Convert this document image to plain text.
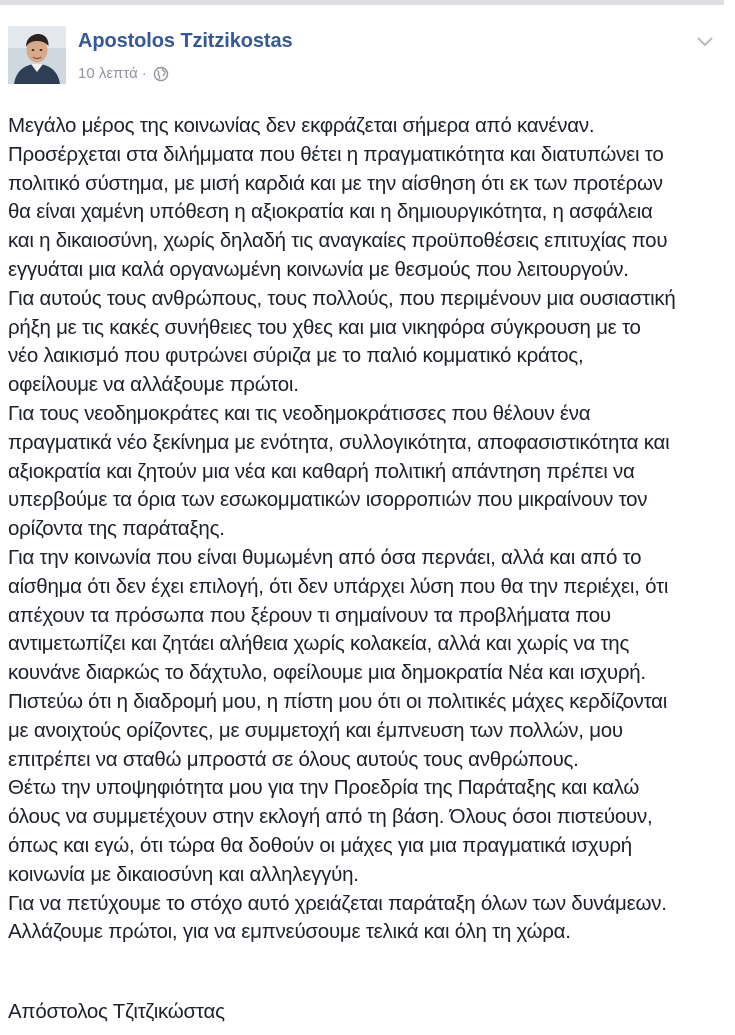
Apostolos Tzitzikostas
10 λεπτά ·
Μεγάλο μέρος της κοινωνίας δεν εκφράζεται σήμερα από κανέναν.
Προσέρχεται στα διλήμματα που θέτει η πραγματικότητα και διατυπώνει το
πολιτικό σύστημα, με μισή καρδιά και με την αίσθηση ότι εκ των προτέρων
θα είναι χαμένη υπόθεση η αξιοκρατία και η δημιουργικότητα, η ασφάλεια
και η δικαιοσύνη, χωρίς δηλαδή τις αναγκαίες προϋποθέσεις επιτυχίας που
εγγυάται μια καλά οργανωμένη κοινωνία με θεσμούς που λειτουργούν.
Για αυτούς τους ανθρώπους, τους πολλούς, που περιμένουν μια ουσιαστική
ρήξη με τις κακές συνήθειες του χθες και μια νικηφόρα σύγκρουση με το
νέο λαικισμό που φυτρώνει σύριζα με το παλιό κομματικό κράτος,
οφείλουμε να αλλάξουμε πρώτοι.
Για τους νεοδημοκράτες και τις νεοδημοκράτισσες που θέλουν ένα
πραγματικά νέο ξεκίνημα με ενότητα, συλλογικότητα, αποφασιστικότητα και
αξιοκρατία και ζητούν μια νέα και καθαρή πολιτική απάντηση πρέπει να
υπερβούμε τα όρια των εσωκομματικών ισορροπιών που μικραίνουν τον
ορίζοντα της παράταξης.
Για την κοινωνία που είναι θυμωμένη από όσα περνάει, αλλά και από το
αίσθημα ότι δεν έχει επιλογή, ότι δεν υπάρχει λύση που θα την περιέχει, ότι
απέχουν τα πρόσωπα που ξέρουν τι σημαίνουν τα προβλήματα που
αντιμετωπίζει και ζητάει αλήθεια χωρίς κολακεία, αλλά και χωρίς να της
κουνάνε διαρκώς το δάχτυλο, οφείλουμε μια δημοκρατία Νέα και ισχυρή.
Πιστεύω ότι η διαδρομή μου, η πίστη μου ότι οι πολιτικές μάχες κερδίζονται
με ανοιχτούς ορίζοντες, με συμμετοχή και έμπνευση των πολλών, μου
επιτρέπει να σταθώ μπροστά σε όλους αυτούς τους ανθρώπους.
Θέτω την υποψηφιότητα μου για την Προεδρία της Παράταξης και καλώ
όλους να συμμετέχουν στην εκλογή από τη βάση. Όλους όσοι πιστεύουν,
όπως και εγώ, ότι τώρα θα δοθούν οι μάχες για μια πραγματικά ισχυρή
κοινωνία με δικαιοσύνη και αλληλεγγύη.
Για να πετύχουμε το στόχο αυτό χρειάζεται παράταξη όλων των δυνάμεων.
Αλλάζουμε πρώτοι, για να εμπνεύσουμε τελικά και όλη τη χώρα.
Απόστολος Τζιτζικώστας
